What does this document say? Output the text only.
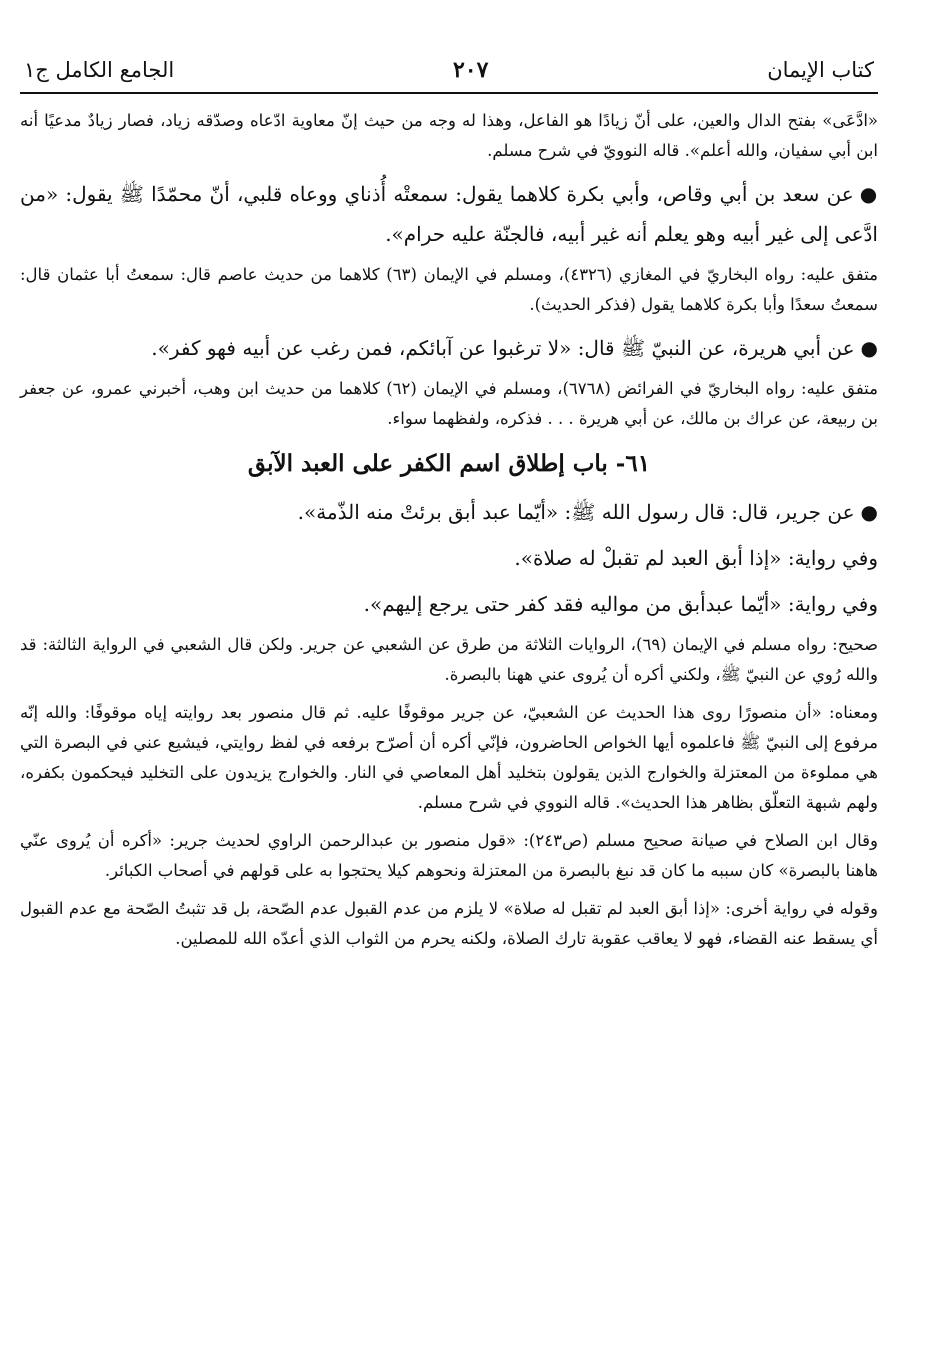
كتاب الإيمان
٢٠٧
الجامع الكامل ج١

«ادَّعَى» بفتح الدال والعين، على أنّ زيادًا هو الفاعل، وهذا له وجه من حيث إنّ معاوية ادّعاه وصدّقه زياد، فصار زيادٌ مدعيًا أنه ابن أبي سفيان، والله أعلم». قاله النوويّ في شرح مسلم.

●عن سعد بن أبي وقاص، وأبي بكرة كلاهما يقول: سمعتْه أُذناي ووعاه قلبي، أنّ محمّدًا ﷺ يقول: «من ادَّعى إلى غير أبيه وهو يعلم أنه غير أبيه، فالجنّة عليه حرام».

متفق عليه: رواه البخاريّ في المغازي (٤٣٢٦)، ومسلم في الإيمان (٦٣) كلاهما من حديث عاصم قال: سمعتُ أبا عثمان قال: سمعتُ سعدًا وأبا بكرة كلاهما يقول (فذكر الحديث).

●عن أبي هريرة، عن النبيّ ﷺ قال: «لا ترغبوا عن آبائكم، فمن رغب عن أبيه فهو كفر».

متفق عليه: رواه البخاريّ في الفرائض (٦٧٦٨)، ومسلم في الإيمان (٦٢) كلاهما من حديث ابن وهب، أخبرني عمرو، عن جعفر بن ربيعة، عن عراك بن مالك، عن أبي هريرة . . . فذكره، ولفظهما سواء.

٦١- باب إطلاق اسم الكفر على العبد الآبق

●عن جرير، قال: قال رسول الله ﷺ: «أيّما عبد أبق برئتْ منه الذّمة».

وفي رواية: «إذا أبق العبد لم تقبلْ له صلاة».

وفي رواية: «أيّما عبدأبق من مواليه فقد كفر حتى يرجع إليهم».

صحيح: رواه مسلم في الإيمان (٦٩)، الروايات الثلاثة من طرق عن الشعبي عن جرير. ولكن قال الشعبي في الرواية الثالثة: قد والله رُوي عن النبيّ ﷺ، ولكني أكره أن يُروى عني ههنا بالبصرة.

ومعناه: «أن منصورًا روى هذا الحديث عن الشعبيّ، عن جرير موقوفًا عليه. ثم قال منصور بعد روايته إياه موقوفًا: والله إنّه مرفوع إلى النبيّ ﷺ فاعلموه أيها الخواص الحاضرون، فإنّي أكره أن أصرّح برفعه في لفظ روايتي، فيشيع عني في البصرة التي هي مملوءة من المعتزلة والخوارج الذين يقولون بتخليد أهل المعاصي في النار. والخوارج يزيدون على التخليد فيحكمون بكفره، ولهم شبهة التعلّق بظاهر هذا الحديث». قاله النووي في شرح مسلم.

وقال ابن الصلاح في صيانة صحيح مسلم (ص٢٤٣): «قول منصور بن عبدالرحمن الراوي لحديث جرير: «أكره أن يُروى عنّي هاهنا بالبصرة» كان سببه ما كان قد نبغ بالبصرة من المعتزلة ونحوهم كيلا يحتجوا به على قولهم في أصحاب الكبائر.

وقوله في رواية أخرى: «إذا أبق العبد لم تقبل له صلاة» لا يلزم من عدم القبول عدم الصّحة، بل قد تثبتُ الصّحة مع عدم القبول أي يسقط عنه القضاء، فهو لا يعاقب عقوبة تارك الصلاة، ولكنه يحرم من الثواب الذي أعدّه الله للمصلين.
